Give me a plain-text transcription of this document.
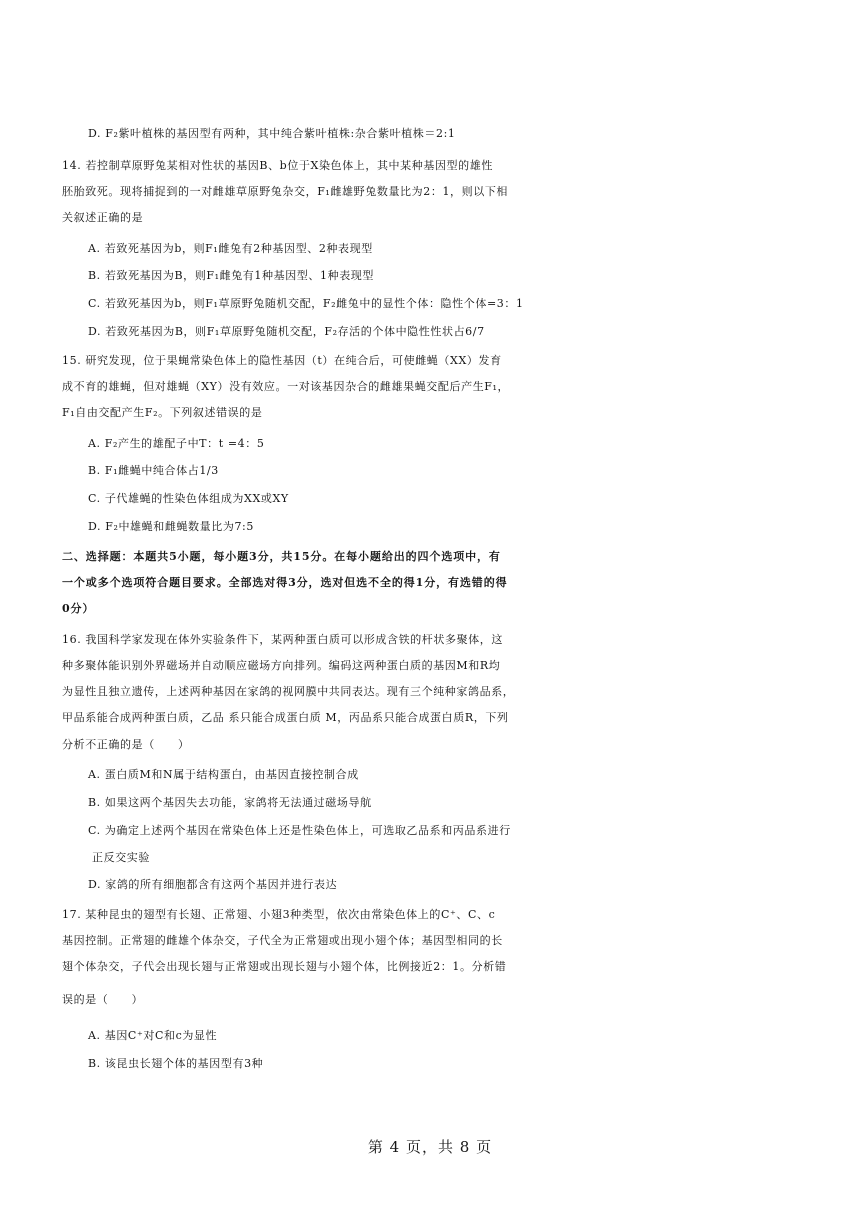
D. F₂紫叶植株的基因型有两种，其中纯合紫叶植株:杂合紫叶植株＝2:1
14. 若控制草原野兔某相对性状的基因B、b位于X染色体上，其中某种基因型的雄性
胚胎致死。现将捕捉到的一对雌雄草原野兔杂交，F₁雌雄野兔数量比为2：1，则以下相
关叙述正确的是
A. 若致死基因为b，则F₁雌兔有2种基因型、2种表现型
B. 若致死基因为B，则F₁雌兔有1种基因型、1种表现型
C. 若致死基因为b，则F₁草原野兔随机交配，F₂雌兔中的显性个体：隐性个体=3：1
D. 若致死基因为B，则F₁草原野兔随机交配，F₂存活的个体中隐性性状占6/7
15. 研究发现，位于果蝇常染色体上的隐性基因（t）在纯合后，可使雌蝇（XX）发育
成不育的雄蝇，但对雄蝇（XY）没有效应。一对该基因杂合的雌雄果蝇交配后产生F₁，
F₁自由交配产生F₂。下列叙述错误的是
A. F₂产生的雄配子中T：t =4：5
B. F₁雌蝇中纯合体占1/3
C. 子代雄蝇的性染色体组成为XX或XY
D. F₂中雄蝇和雌蝇数量比为7:5
二、选择题：本题共5小题，每小题3分，共15分。在每小题给出的四个选项中，有
一个或多个选项符合题目要求。全部选对得3分，选对但选不全的得1分，有选错的得
0分）
16. 我国科学家发现在体外实验条件下，某两种蛋白质可以形成含铁的杆状多聚体，这
种多聚体能识别外界磁场并自动顺应磁场方向排列。编码这两种蛋白质的基因M和R均
为显性且独立遗传，上述两种基因在家鸽的视网膜中共同表达。现有三个纯种家鸽品系，
甲品系能合成两种蛋白质，乙品 系只能合成蛋白质 M，丙品系只能合成蛋白质R，下列
分析不正确的是（　　）
A. 蛋白质M和N属于结构蛋白，由基因直接控制合成
B. 如果这两个基因失去功能，家鸽将无法通过磁场导航
C. 为确定上述两个基因在常染色体上还是性染色体上，可选取乙品系和丙品系进行
正反交实验
D. 家鸽的所有细胞都含有这两个基因并进行表达
17. 某种昆虫的翅型有长翅、正常翅、小翅3种类型，依次由常染色体上的C⁺、C、c
基因控制。正常翅的雌雄个体杂交，子代全为正常翅或出现小翅个体；基因型相同的长
翅个体杂交，子代会出现长翅与正常翅或出现长翅与小翅个体，比例接近2：1。分析错
误的是（　　）
A. 基因C⁺对C和c为显性
B. 该昆虫长翅个体的基因型有3种
第 4 页，共 8 页
